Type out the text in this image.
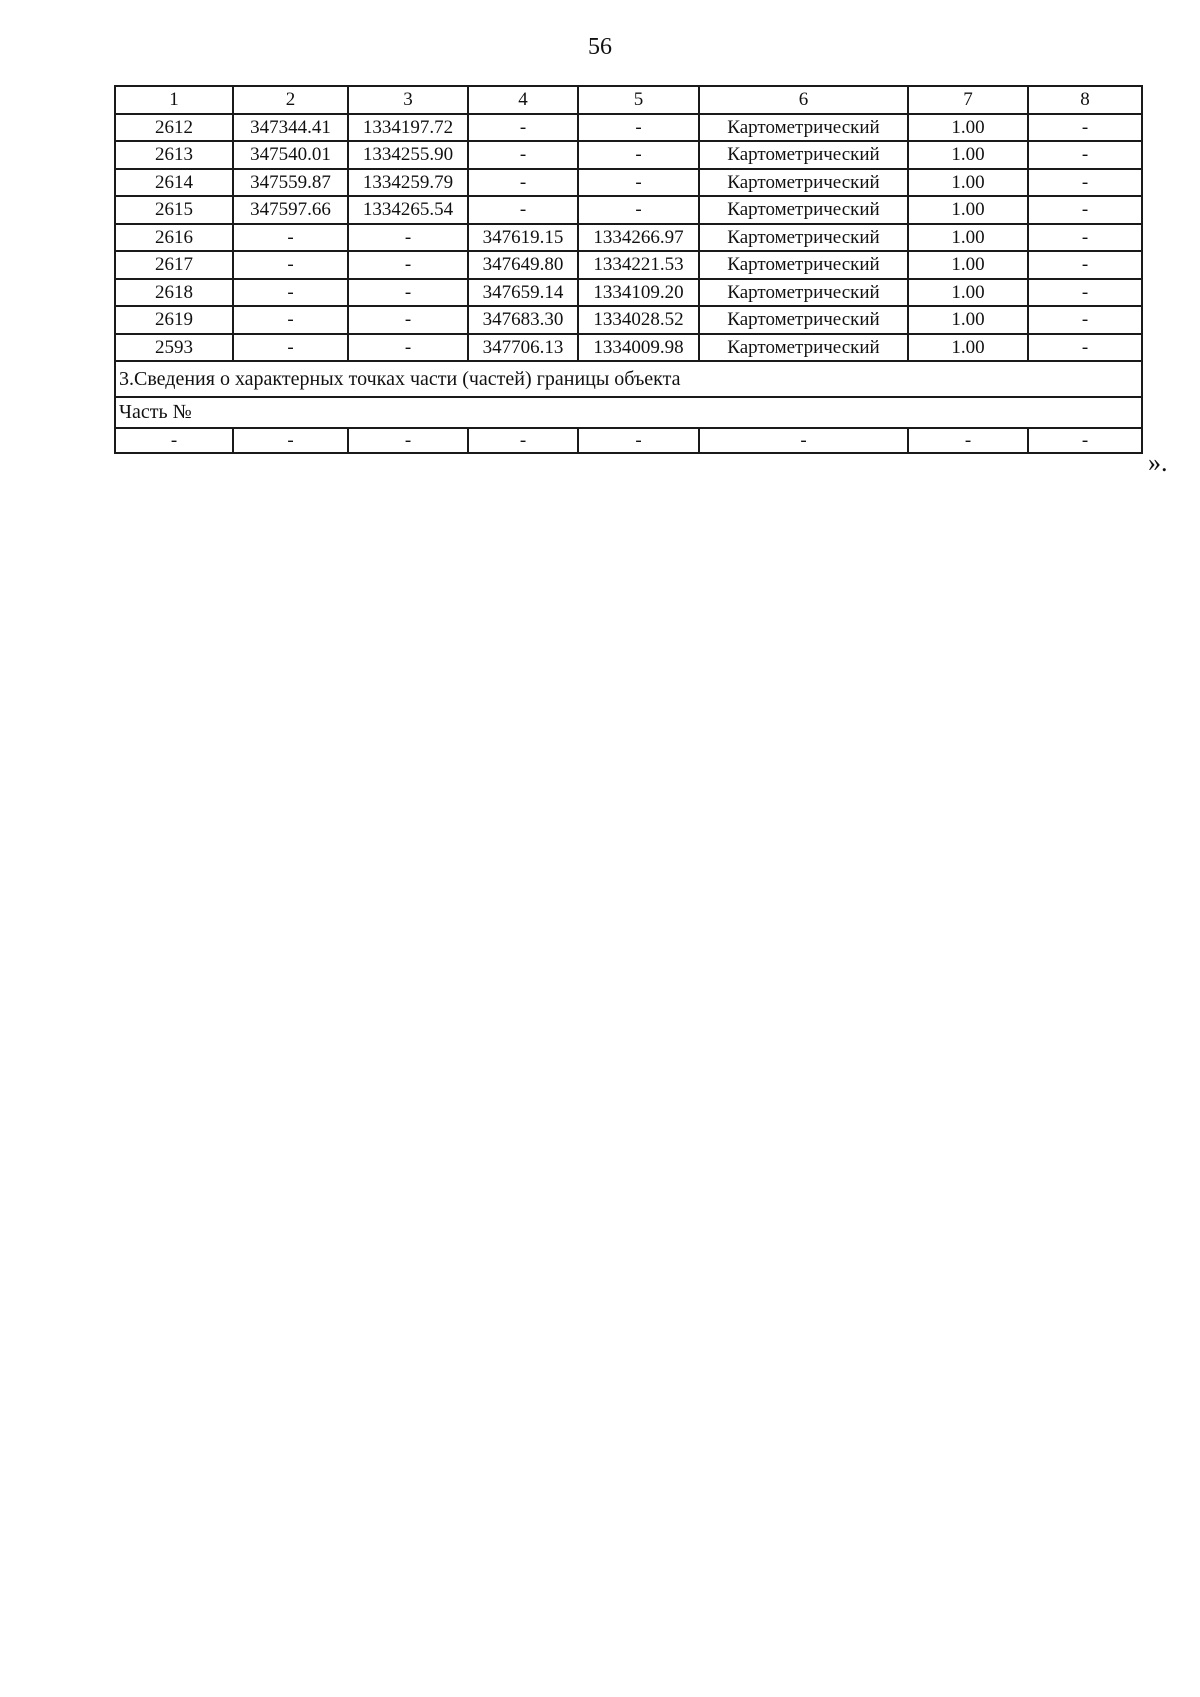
56
1	2	3	4	5	6	7	8
2612	347344.41	1334197.72	-	-	Картометрический	1.00	-
2613	347540.01	1334255.90	-	-	Картометрический	1.00	-
2614	347559.87	1334259.79	-	-	Картометрический	1.00	-
2615	347597.66	1334265.54	-	-	Картометрический	1.00	-
2616	-	-	347619.15	1334266.97	Картометрический	1.00	-
2617	-	-	347649.80	1334221.53	Картометрический	1.00	-
2618	-	-	347659.14	1334109.20	Картометрический	1.00	-
2619	-	-	347683.30	1334028.52	Картометрический	1.00	-
2593	-	-	347706.13	1334009.98	Картометрический	1.00	-
3.Сведения о характерных точках части (частей) границы объекта							
Часть №							
-	-	-	-	-	-	-	-
».
